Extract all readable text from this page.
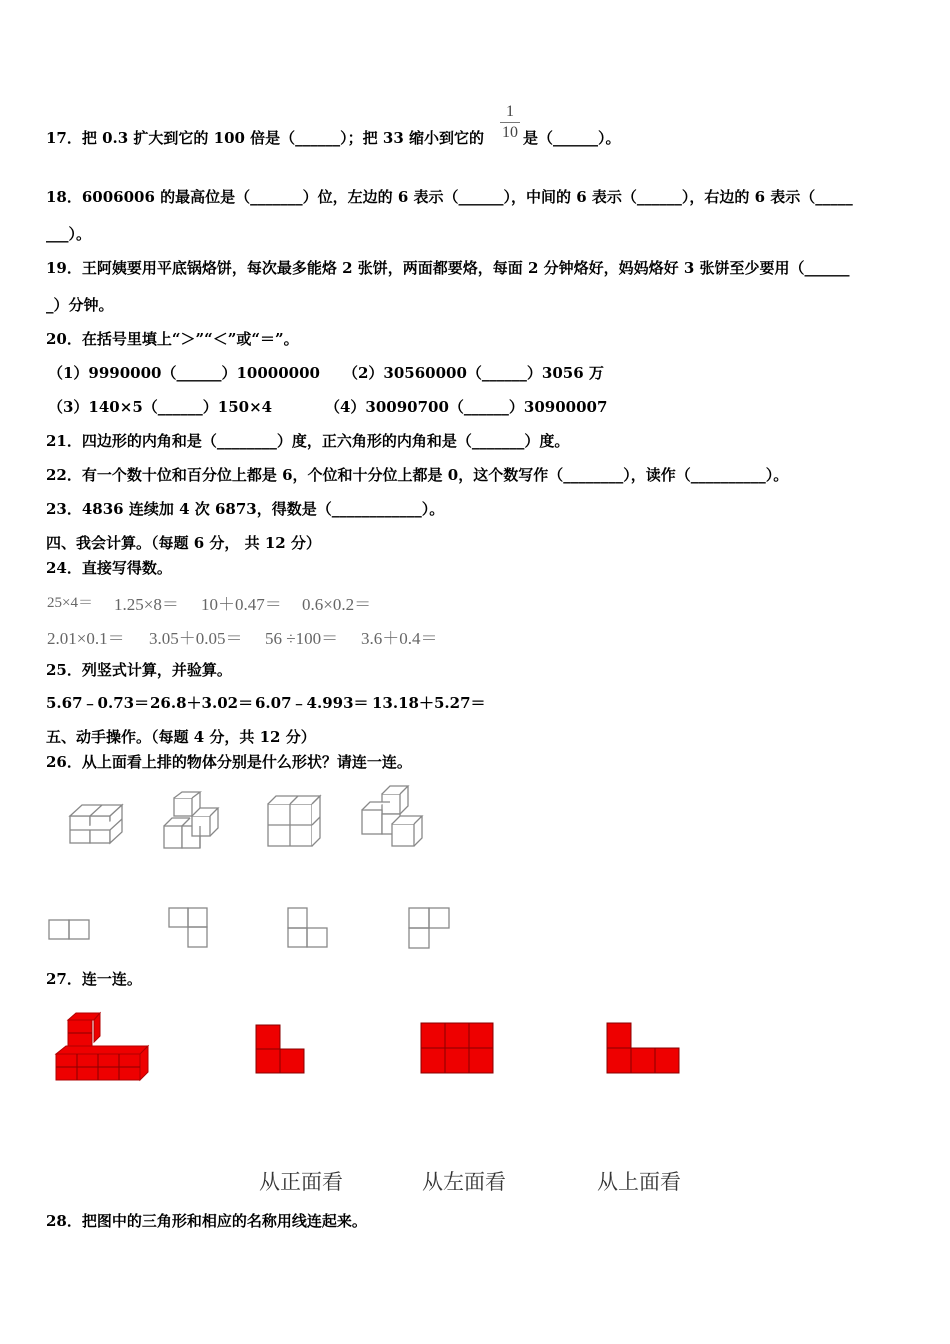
17．把 0.3 扩大到它的 100 倍是（______）；把 33 缩小到它的
1
10 是（______）。
18．6006006 的最高位是（_______）位，左边的 6 表示（______），中间的 6 表示（______），右边的 6 表示（_____
___）。
19．王阿姨要用平底锅烙饼，每次最多能烙 2 张饼，两面都要烙，每面 2 分钟烙好，妈妈烙好 3 张饼至少要用（______
_）分钟。
20．在括号里填上“＞”“＜”或“＝”。
（1）9990000（______）10000000 （2）30560000（______）3056 万
（3）140×5（______）150×4	（4）30090700（______）30900007
21．四边形的内角和是（________）度，正六角形的内角和是（_______）度。
22．有一个数十位和百分位上都是 6，个位和十分位上都是 0，这个数写作（________），读作（__________）。
23．4836 连续加 4 次 6873，得数是（____________）。
四、我会计算。（每题 6 分， 共 12 分）
24．直接写得数。
25×4＝ 1.25×8＝ 10＋0.47＝ 0.6×0.2＝
2.01×0.1＝ 3.05＋0.05＝ 56 ÷100＝ 3.6＋0.4＝
25．列竖式计算，并验算。
5.67﹣0.73＝ 26.8＋3.02＝ 6.07﹣4.993＝ 13.18＋5.27＝
五、动手操作。（每题 4 分，共 12 分）
26．从上面看上排的物体分别是什么形状？请连一连。
27．连一连。
从正面看	从左面看	从上面看
28．把图中的三角形和相应的名称用线连起来。
